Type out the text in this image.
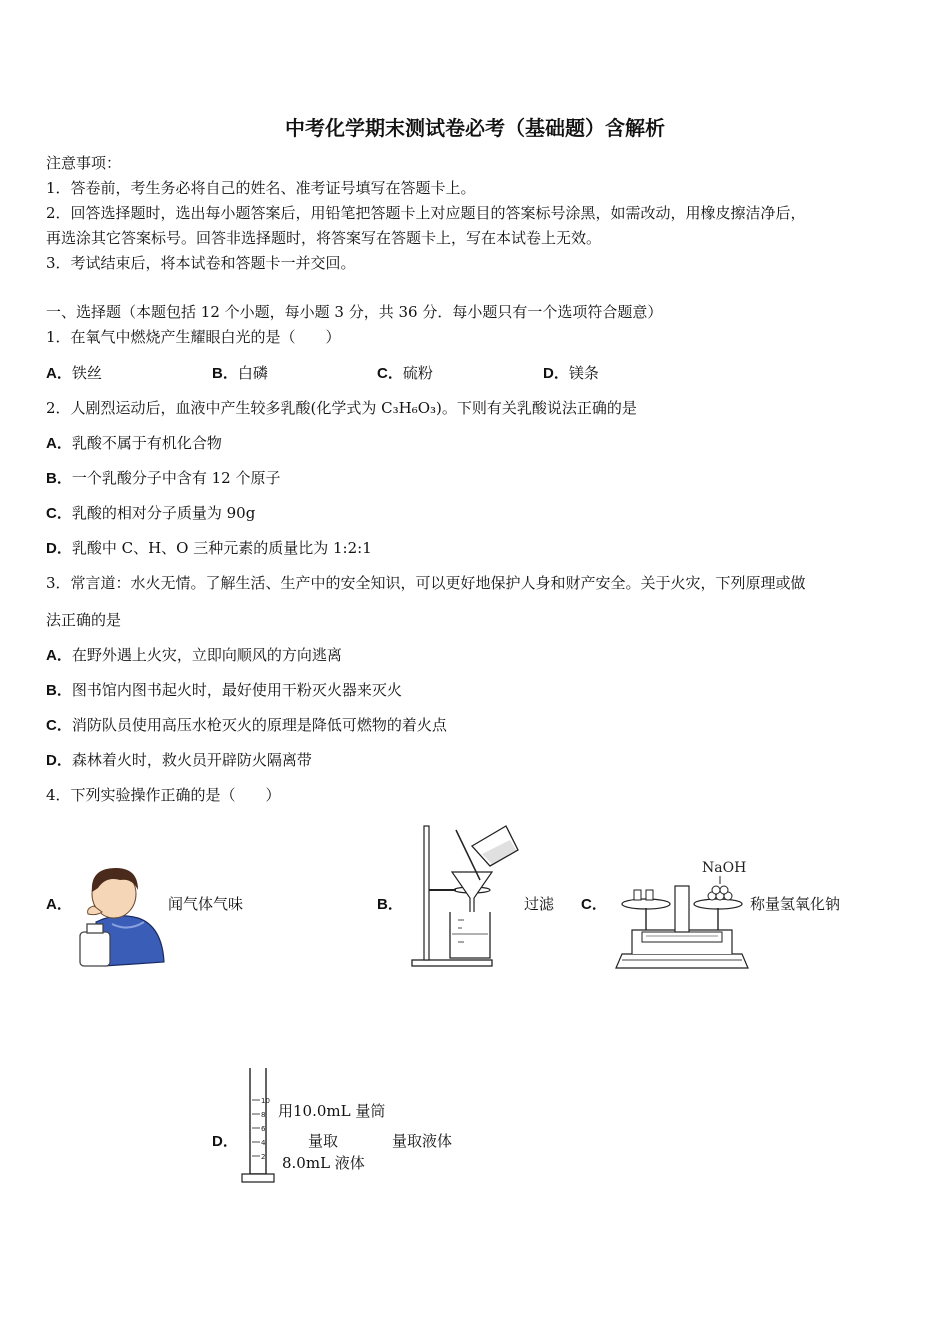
中考化学期末测试卷必考（基础题）含解析
注意事项：
1．答卷前，考生务必将自己的姓名、准考证号填写在答题卡上。
2．回答选择题时，选出每小题答案后，用铅笔把答题卡上对应题目的答案标号涂黑，如需改动，用橡皮擦洁净后，
再选涂其它答案标号。回答非选择题时，将答案写在答题卡上，写在本试卷上无效。
3．考试结束后，将本试卷和答题卡一并交回。
一、选择题（本题包括 12 个小题，每小题 3 分，共 36 分．每小题只有一个选项符合题意）
1．在氧气中燃烧产生耀眼白光的是（　　）
A．铁丝	B．白磷	C．硫粉	D．镁条
2．人剧烈运动后，血液中产生较多乳酸(化学式为 C₃H₆O₃)。下则有关乳酸说法正确的是
A．乳酸不属于有机化合物
B．一个乳酸分子中含有 12 个原子
C．乳酸的相对分子质量为 90g
D．乳酸中 C、H、O 三种元素的质量比为 1:2:1
3．常言道：水火无情。了解生活、生产中的安全知识，可以更好地保护人身和财产安全。关于火灾，下列原理或做
法正确的是
A．在野外遇上火灾，立即向顺风的方向逃离
B．图书馆内图书起火时，最好使用干粉灭火器来灭火
C．消防队员使用高压水枪灭火的原理是降低可燃物的着火点
D．森林着火时，救火员开辟防火隔离带
4．下列实验操作正确的是（　　）
A．	闻气体气味	B．	过滤 C．
NaOH
称量氢氧化钠
D．
10
8
6
4
2
用10.0mL 量筒
量取
8.0mL 液体
量取液体
